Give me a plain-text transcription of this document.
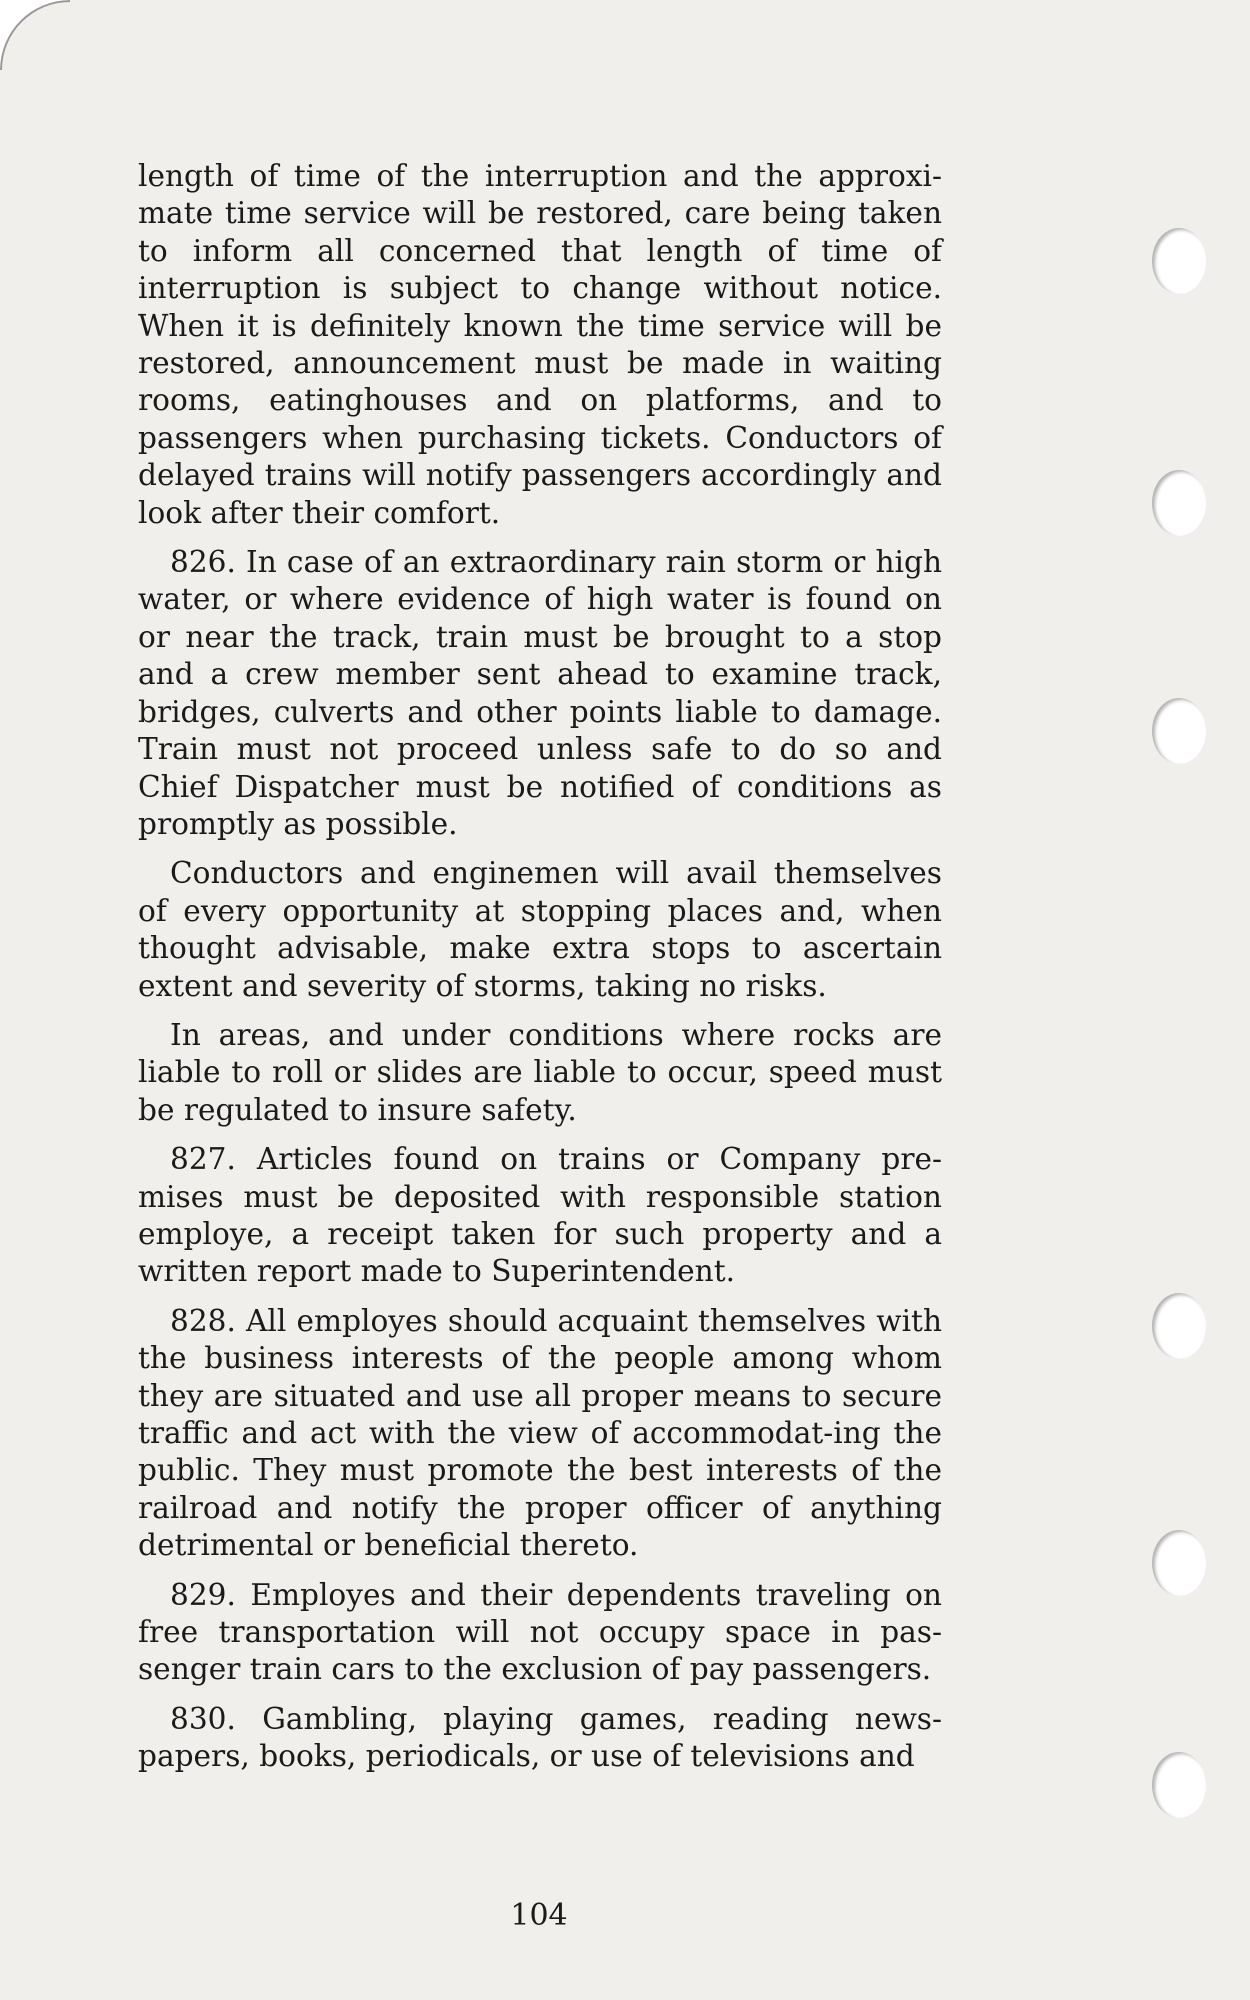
length of time of the interruption and the approxi-mate time service will be restored, care being taken to inform all concerned that length of time of interruption is subject to change without notice. When it is definitely known the time service will be restored, announcement must be made in waiting rooms, eatinghouses and on platforms, and to passengers when purchasing tickets. Conductors of delayed trains will notify passengers accordingly and look after their comfort.

826. In case of an extraordinary rain storm or high water, or where evidence of high water is found on or near the track, train must be brought to a stop and a crew member sent ahead to examine track, bridges, culverts and other points liable to damage. Train must not proceed unless safe to do so and Chief Dispatcher must be notified of conditions as promptly as possible.

Conductors and enginemen will avail themselves of every opportunity at stopping places and, when thought advisable, make extra stops to ascertain extent and severity of storms, taking no risks.

In areas, and under conditions where rocks are liable to roll or slides are liable to occur, speed must be regulated to insure safety.

827. Articles found on trains or Company pre-mises must be deposited with responsible station employe, a receipt taken for such property and a written report made to Superintendent.

828. All employes should acquaint themselves with the business interests of the people among whom they are situated and use all proper means to secure traffic and act with the view of accommodat-ing the public. They must promote the best interests of the railroad and notify the proper officer of anything detrimental or beneficial thereto.

829. Employes and their dependents traveling on free transportation will not occupy space in pas-senger train cars to the exclusion of pay passengers.

830. Gambling, playing games, reading news-papers, books, periodicals, or use of televisions and

104
